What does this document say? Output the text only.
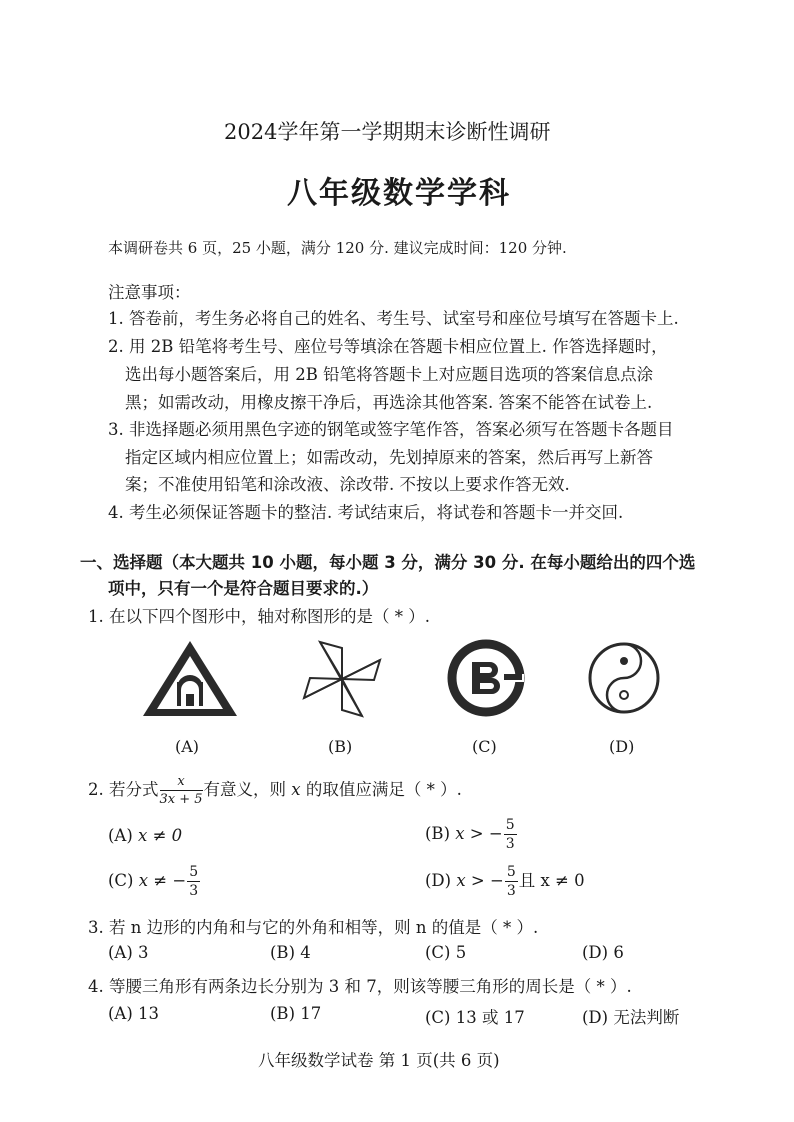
2024学年第一学期期末诊断性调研
八年级数学学科
本调研卷共 6 页，25 小题，满分 120 分. 建议完成时间：120 分钟.
注意事项：
1. 答卷前，考生务必将自己的姓名、考生号、试室号和座位号填写在答题卡上.
2. 用 2B 铅笔将考生号、座位号等填涂在答题卡相应位置上. 作答选择题时，
选出每小题答案后，用 2B 铅笔将答题卡上对应题目选项的答案信息点涂
黑；如需改动，用橡皮擦干净后，再选涂其他答案. 答案不能答在试卷上.
3. 非选择题必须用黑色字迹的钢笔或签字笔作答，答案必须写在答题卡各题目
指定区域内相应位置上；如需改动，先划掉原来的答案，然后再写上新答
案；不准使用铅笔和涂改液、涂改带. 不按以上要求作答无效.
4. 考生必须保证答题卡的整洁. 考试结束后，将试卷和答题卡一并交回.
一、选择题（本大题共 10 小题，每小题 3 分，满分 30 分. 在每小题给出的四个选
项中，只有一个是符合题目要求的.）
1. 在以下四个图形中，轴对称图形的是（ * ）.
(A)	(B)	(C)	(D)
2. 若分式 $\frac{x}{3x + 5}$ 有意义，则 x 的取值应满足（ * ）.
(A) x ≠ 0	(B) x > − $\frac{5}{3}$
(C) x ≠ − $\frac{5}{3}$	(D) x > − $\frac{5}{3}$ 且 x ≠ 0
3. 若 n 边形的内角和与它的外角和相等，则 n 的值是（ * ）.
(A) 3	(B) 4	(C) 5	(D) 6
4. 等腰三角形有两条边长分别为 3 和 7，则该等腰三角形的周长是（ * ）.
(A) 13	(B) 17	(C) 13 或 17	(D) 无法判断
八年级数学试卷 第 1 页(共 6 页)
